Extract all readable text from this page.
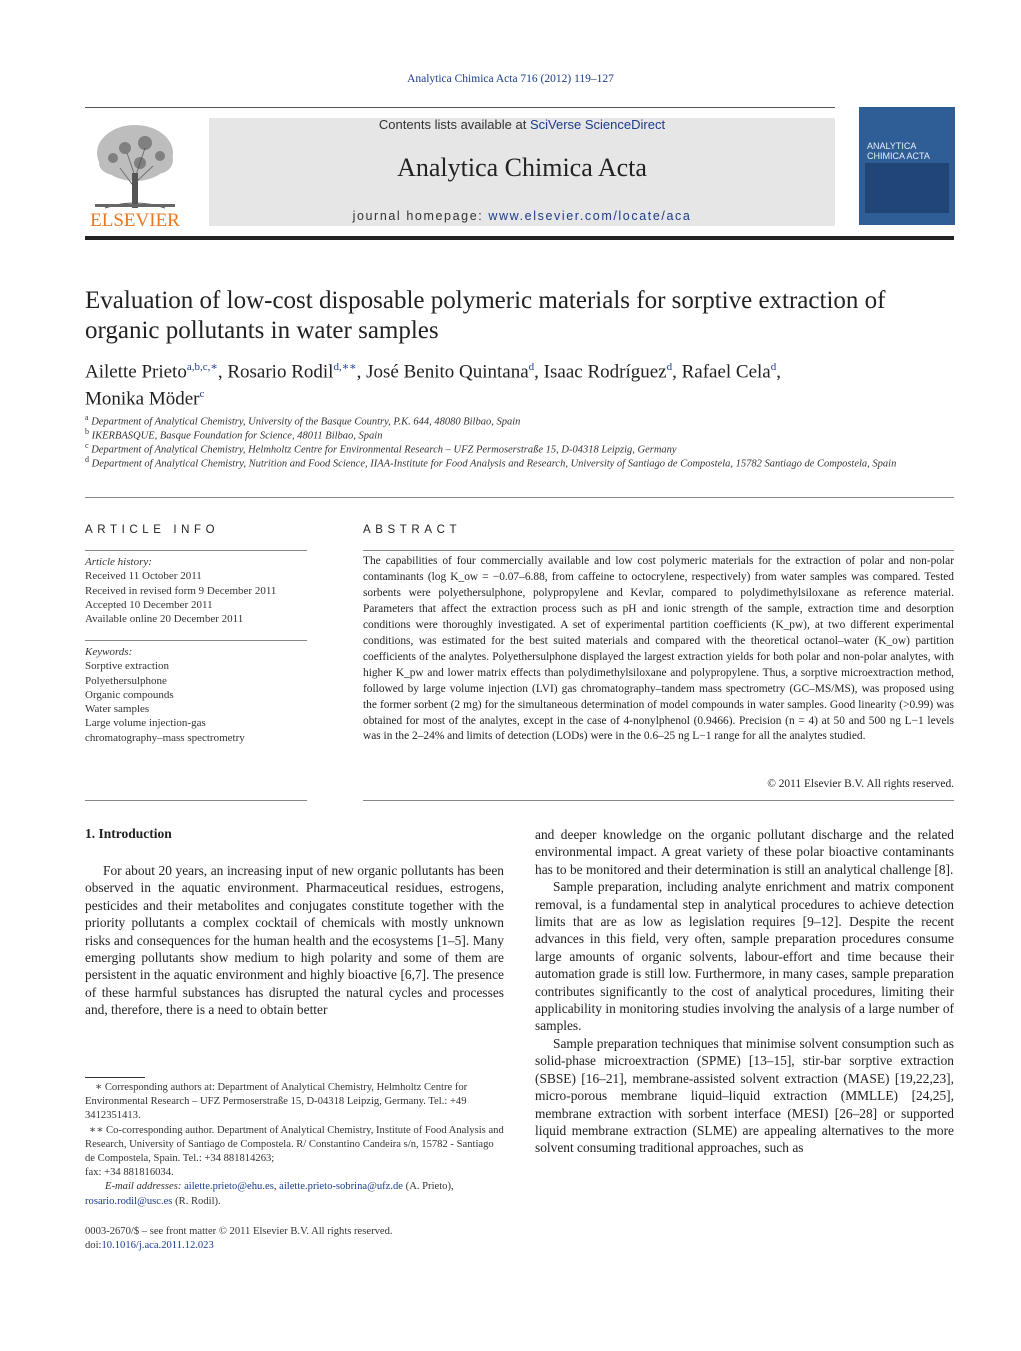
Analytica Chimica Acta 716 (2012) 119–127
ELSEVIER
Contents lists available at SciVerse ScienceDirect
Analytica Chimica Acta
journal homepage: www.elsevier.com/locate/aca
ANALYTICA CHIMICA ACTA
Evaluation of low-cost disposable polymeric materials for sorptive extraction of organic pollutants in water samples
Ailette Prieto$^{a,b,c,∗}$, Rosario Rodil$^{d,∗∗}$, José Benito Quintana$^d$, Isaac Rodríguez$^d$, Rafael Cela$^d$,
Monika Möder$^c$
$^a$ Department of Analytical Chemistry, University of the Basque Country, P.K. 644, 48080 Bilbao, Spain
$^b$ IKERBASQUE, Basque Foundation for Science, 48011 Bilbao, Spain
$^c$ Department of Analytical Chemistry, Helmholtz Centre for Environmental Research – UFZ Permoserstraße 15, D-04318 Leipzig, Germany
$^d$ Department of Analytical Chemistry, Nutrition and Food Science, IIAA-Institute for Food Analysis and Research, University of Santiago de Compostela, 15782 Santiago de Compostela, Spain
ARTICLE INFO
Article history:
Received 11 October 2011
Received in revised form 9 December 2011
Accepted 10 December 2011
Available online 20 December 2011
Keywords:
Sorptive extraction
Polyethersulphone
Organic compounds
Water samples
Large volume injection-gas
chromatography–mass spectrometry
ABSTRACT
The capabilities of four commercially available and low cost polymeric materials for the extraction of polar and non-polar contaminants (log K_ow = −0.07–6.88, from caffeine to octocrylene, respectively) from water samples was compared. Tested sorbents were polyethersulphone, polypropylene and Kevlar, compared to polydimethylsiloxane as reference material. Parameters that affect the extraction process such as pH and ionic strength of the sample, extraction time and desorption conditions were thoroughly investigated. A set of experimental partition coefficients (K_pw), at two different experimental conditions, was estimated for the best suited materials and compared with the theoretical octanol–water (K_ow) partition coefficients of the analytes. Polyethersulphone displayed the largest extraction yields for both polar and non-polar analytes, with higher K_pw and lower matrix effects than polydimethylsiloxane and polypropylene. Thus, a sorptive microextraction method, followed by large volume injection (LVI) gas chromatography–tandem mass spectrometry (GC–MS/MS), was proposed using the former sorbent (2 mg) for the simultaneous determination of model compounds in water samples. Good linearity (>0.99) was obtained for most of the analytes, except in the case of 4-nonylphenol (0.9466). Precision (n = 4) at 50 and 500 ng L−1 levels was in the 2–24% and limits of detection (LODs) were in the 0.6–25 ng L−1 range for all the analytes studied.
© 2011 Elsevier B.V. All rights reserved.
1. Introduction

For about 20 years, an increasing input of new organic pollutants has been observed in the aquatic environment. Pharmaceutical residues, estrogens, pesticides and their metabolites and conjugates constitute together with the priority pollutants a complex cocktail of chemicals with mostly unknown risks and consequences for the human health and the ecosystems [1–5]. Many emerging pollutants show medium to high polarity and some of them are persistent in the aquatic environment and highly bioactive [6,7]. The presence of these harmful substances has disrupted the natural cycles and processes and, therefore, there is a need to obtain better

and deeper knowledge on the organic pollutant discharge and the related environmental impact. A great variety of these polar bioactive contaminants has to be monitored and their determination is still an analytical challenge [8].

Sample preparation, including analyte enrichment and matrix component removal, is a fundamental step in analytical procedures to achieve detection limits that are as low as legislation requires [9–12]. Despite the recent advances in this field, very often, sample preparation procedures consume large amounts of organic solvents, labour-effort and time because their automation grade is still low. Furthermore, in many cases, sample preparation contributes significantly to the cost of analytical procedures, limiting their applicability in monitoring studies involving the analysis of a large number of samples.

Sample preparation techniques that minimise solvent consumption such as solid-phase microextraction (SPME) [13–15], stir-bar sorptive extraction (SBSE) [16–21], membrane-assisted solvent extraction (MASE) [19,22,23], micro-porous membrane liquid–liquid extraction (MMLLE) [24,25], membrane extraction with sorbent interface (MESI) [26–28] or supported liquid membrane extraction (SLME) are appealing alternatives to the more solvent consuming traditional approaches, such as

∗ Corresponding authors at: Department of Analytical Chemistry, Helmholtz Centre for Environmental Research – UFZ Permoserstraße 15, D-04318 Leipzig, Germany. Tel.: +49 3412351413.
∗∗ Co-corresponding author. Department of Analytical Chemistry, Institute of Food Analysis and Research, University of Santiago de Compostela. R/ Constantino Candeira s/n, 15782 - Santiago de Compostela, Spain. Tel.: +34 881814263;
fax: +34 881816034.
E-mail addresses: ailette.prieto@ehu.es, ailette.prieto-sobrina@ufz.de (A. Prieto),
rosario.rodil@usc.es (R. Rodil).
0003-2670/$ – see front matter © 2011 Elsevier B.V. All rights reserved.
doi:10.1016/j.aca.2011.12.023
